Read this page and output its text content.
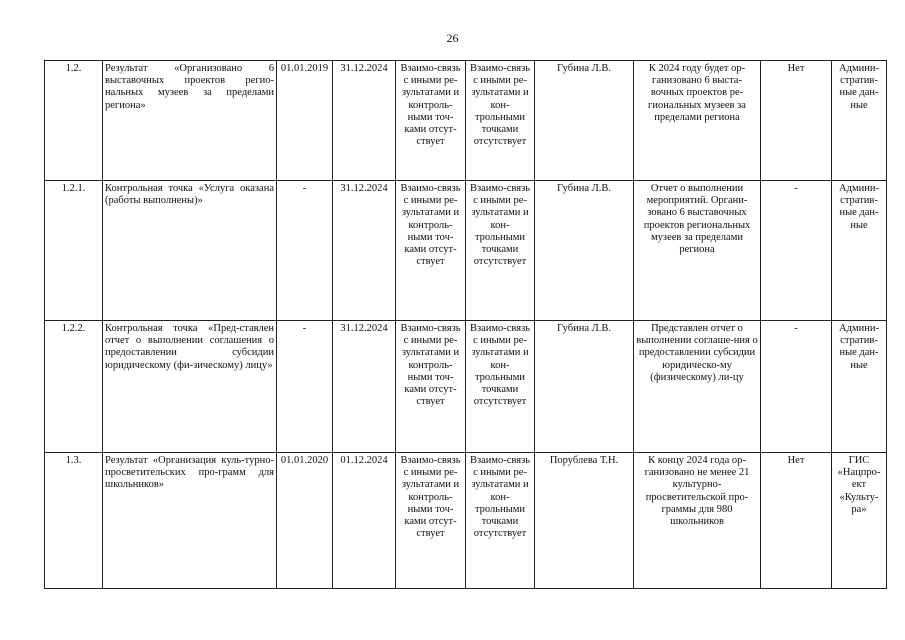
26
1.2.	Результат «Организовано 6 выставочных проектов регио-нальных музеев за пределами региона»	01.01.2019	31.12.2024	Взаимо-связь с иными ре-зультатами и контроль-ными точ-ками отсут-ствует	Взаимо-связь с иными ре-зультатами и кон-трольными точками отсутствует	Губина Л.В.	К 2024 году будет ор-ганизовано 6 выста-вочных проектов ре-гиональных музеев за пределами региона	Нет	Админи-стратив-ные дан-ные
1.2.1.	Контрольная точка «Услуга оказана (работы выполнены)»	-	31.12.2024	Взаимо-связь с иными ре-зультатами и контроль-ными точ-ками отсут-ствует	Взаимо-связь с иными ре-зультатами и кон-трольными точками отсутствует	Губина Л.В.	Отчет о выполнении мероприятий. Органи-зовано 6 выставочных проектов региональных музеев за пределами региона	-	Админи-стратив-ные дан-ные
1.2.2.	Контрольная точка «Пред-ставлен отчет о выполнении соглашения о предоставлении субсидии юридическому (фи-зическому) лицу»	-	31.12.2024	Взаимо-связь с иными ре-зультатами и контроль-ными точ-ками отсут-ствует	Взаимо-связь с иными ре-зультатами и кон-трольными точками отсутствует	Губина Л.В.	Представлен отчет о выполнении соглаше-ния о предоставлении субсидии юридическо-му (физическому) ли-цу	-	Админи-стратив-ные дан-ные
1.3.	Результат «Организация куль-турно-просветительских про-грамм для школьников»	01.01.2020	01.12.2024	Взаимо-связь с иными ре-зультатами и контроль-ными точ-ками отсут-ствует	Взаимо-связь с иными ре-зультатами и кон-трольными точками отсутствует	Порублева Т.Н.	К концу 2024 года ор-ганизовано не менее 21 культурно-просветительской про-граммы для 980 школьников	Нет	ГИС «Нацпро-ект «Культу-ра»
